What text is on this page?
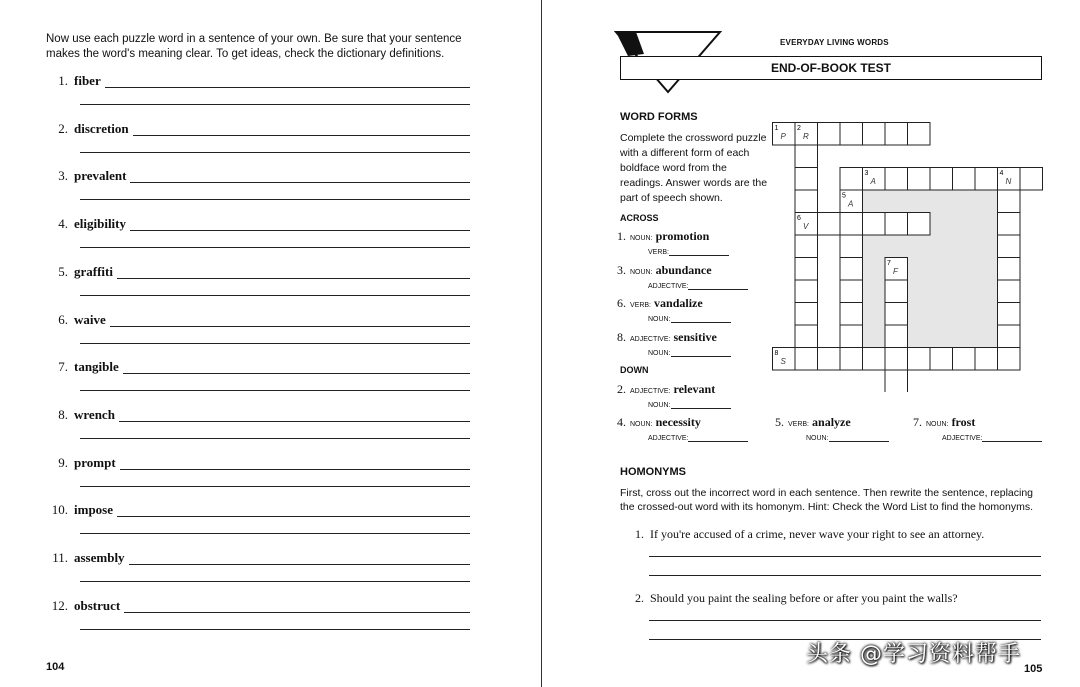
Now use each puzzle word in a sentence of your own. Be sure that your sentence makes the word's meaning clear. To get ideas, check the dictionary definitions.
1. fiber
2. discretion
3. prevalent
4. eligibility
5. graffiti
6. waive
7. tangible
8. wrench
9. prompt
10. impose
11. assembly
12. obstruct
104
EVERYDAY LIVING WORDS
END-OF-BOOK TEST
WORD FORMS
Complete the crossword puzzle with a different form of each boldface word from the readings. Answer words are the part of speech shown.
ACROSS
DOWN
1. NOUN: promotion
VERB:
3. NOUN: abundance
ADJECTIVE:
6. VERB: vandalize
NOUN:
8. ADJECTIVE: sensitive
NOUN:
2. ADJECTIVE: relevant
NOUN:
4. NOUN: necessity
ADJECTIVE:
5. VERB: analyze
NOUN:
7. NOUN: frost
ADJECTIVE:
1
P
2
R
3
A
4
N
5
A
6
V
7
F
8
S
HOMONYMS
First, cross out the incorrect word in each sentence. Then rewrite the sentence, replacing the crossed-out word with its homonym. Hint: Check the Word List to find the homonyms.
1. If you're accused of a crime, never wave your right to see an attorney.
2. Should you paint the sealing before or after you paint the walls?
105
头条 @学习资料帮手
